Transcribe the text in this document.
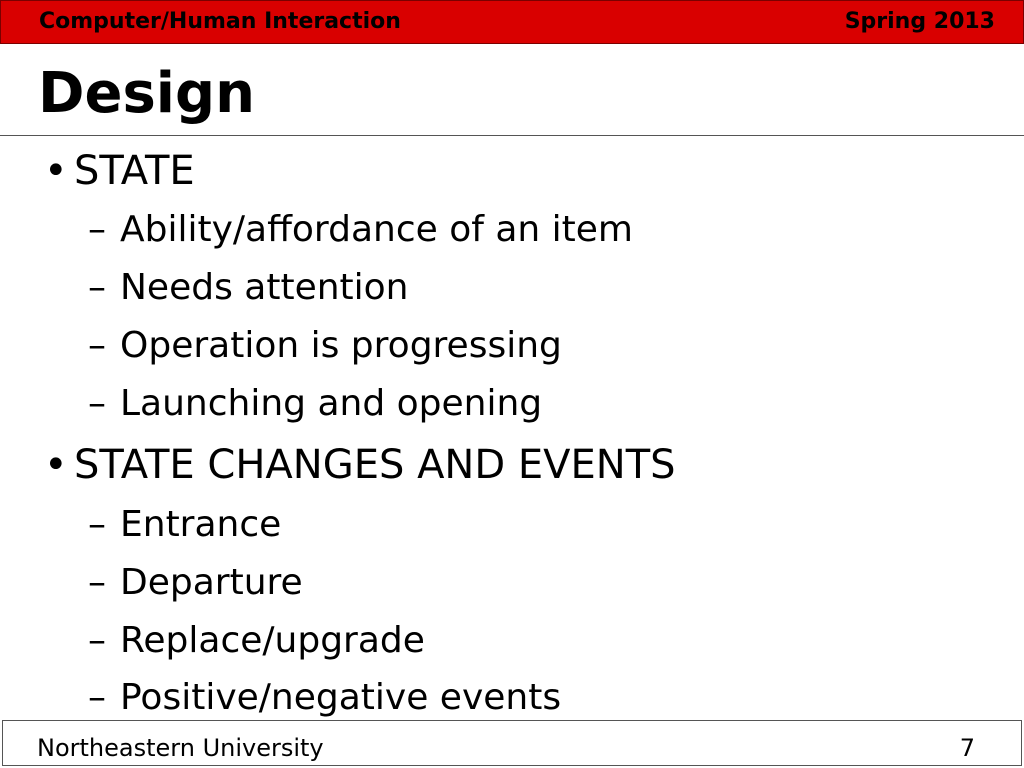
Computer/Human Interaction	Spring 2013
Design
• STATE
– Ability/affordance of an item
– Needs attention
– Operation is progressing
– Launching and opening
• STATE CHANGES AND EVENTS
– Entrance
– Departure
– Replace/upgrade
– Positive/negative events
Northeastern University	7
